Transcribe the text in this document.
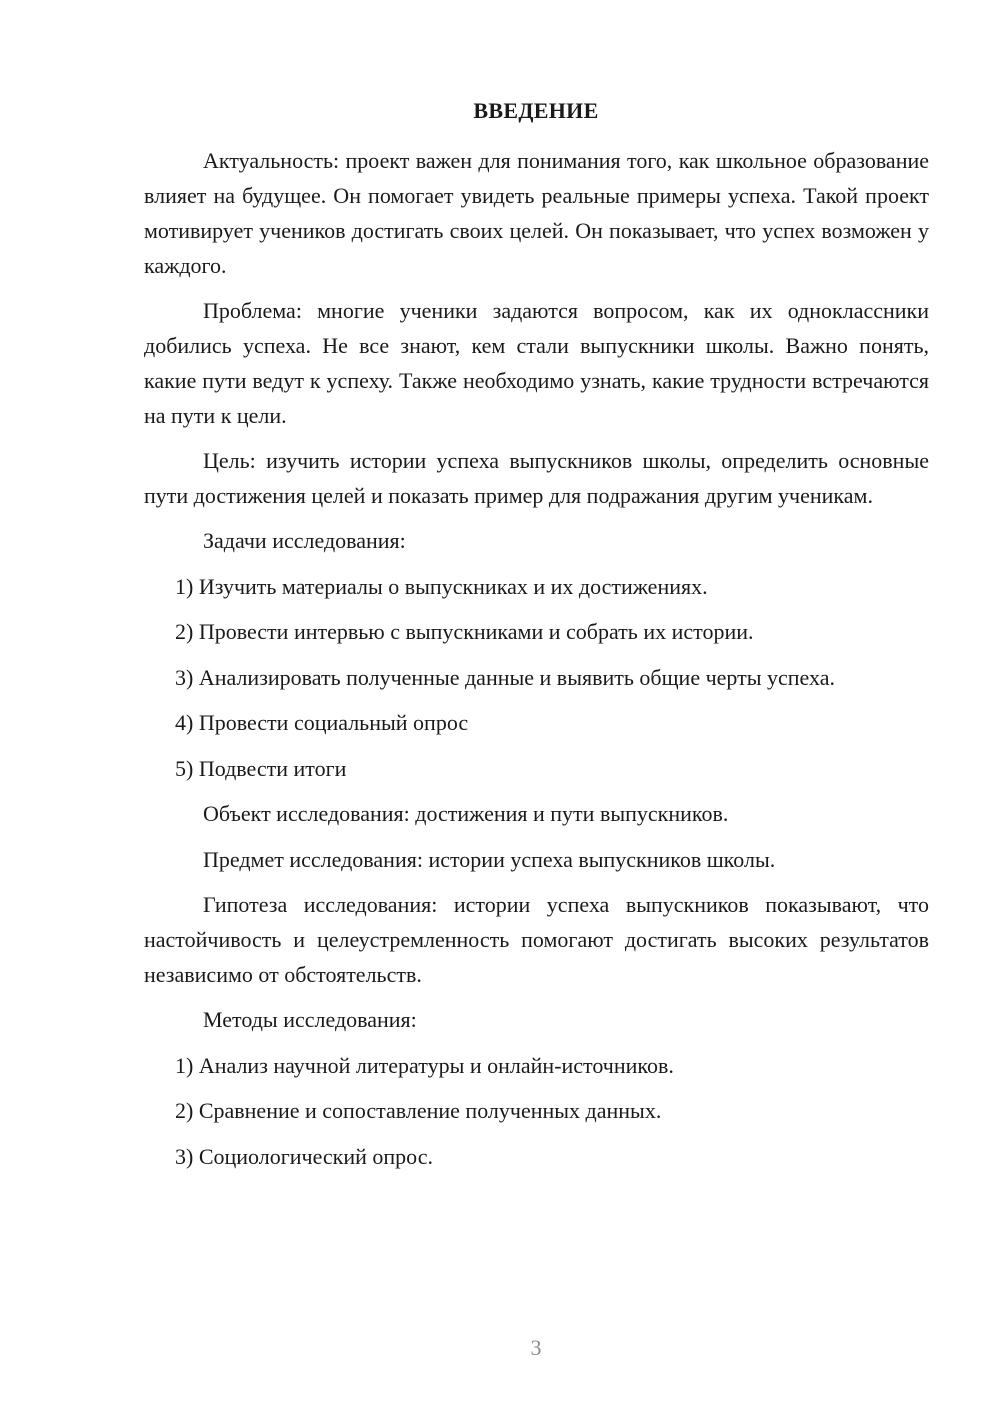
ВВЕДЕНИЕ

Актуальность: проект важен для понимания того, как школьное образование влияет на будущее. Он помогает увидеть реальные примеры успеха. Такой проект мотивирует учеников достигать своих целей. Он показывает, что успех возможен у каждого.

Проблема: многие ученики задаются вопросом, как их одноклассники добились успеха. Не все знают, кем стали выпускники школы. Важно понять, какие пути ведут к успеху. Также необходимо узнать, какие трудности встречаются на пути к цели.

Цель: изучить истории успеха выпускников школы, определить основные пути достижения целей и показать пример для подражания другим ученикам.

Задачи исследования:

1) Изучить материалы о выпускниках и их достижениях.

2) Провести интервью с выпускниками и собрать их истории.

3) Анализировать полученные данные и выявить общие черты успеха.

4) Провести социальный опрос

5) Подвести итоги

Объект исследования: достижения и пути выпускников.

Предмет исследования: истории успеха выпускников школы.

Гипотеза исследования: истории успеха выпускников показывают, что настойчивость и целеустремленность помогают достигать высоких результатов независимо от обстоятельств.

Методы исследования:

1) Анализ научной литературы и онлайн-источников.

2) Сравнение и сопоставление полученных данных.

3) Социологический опрос.

3
